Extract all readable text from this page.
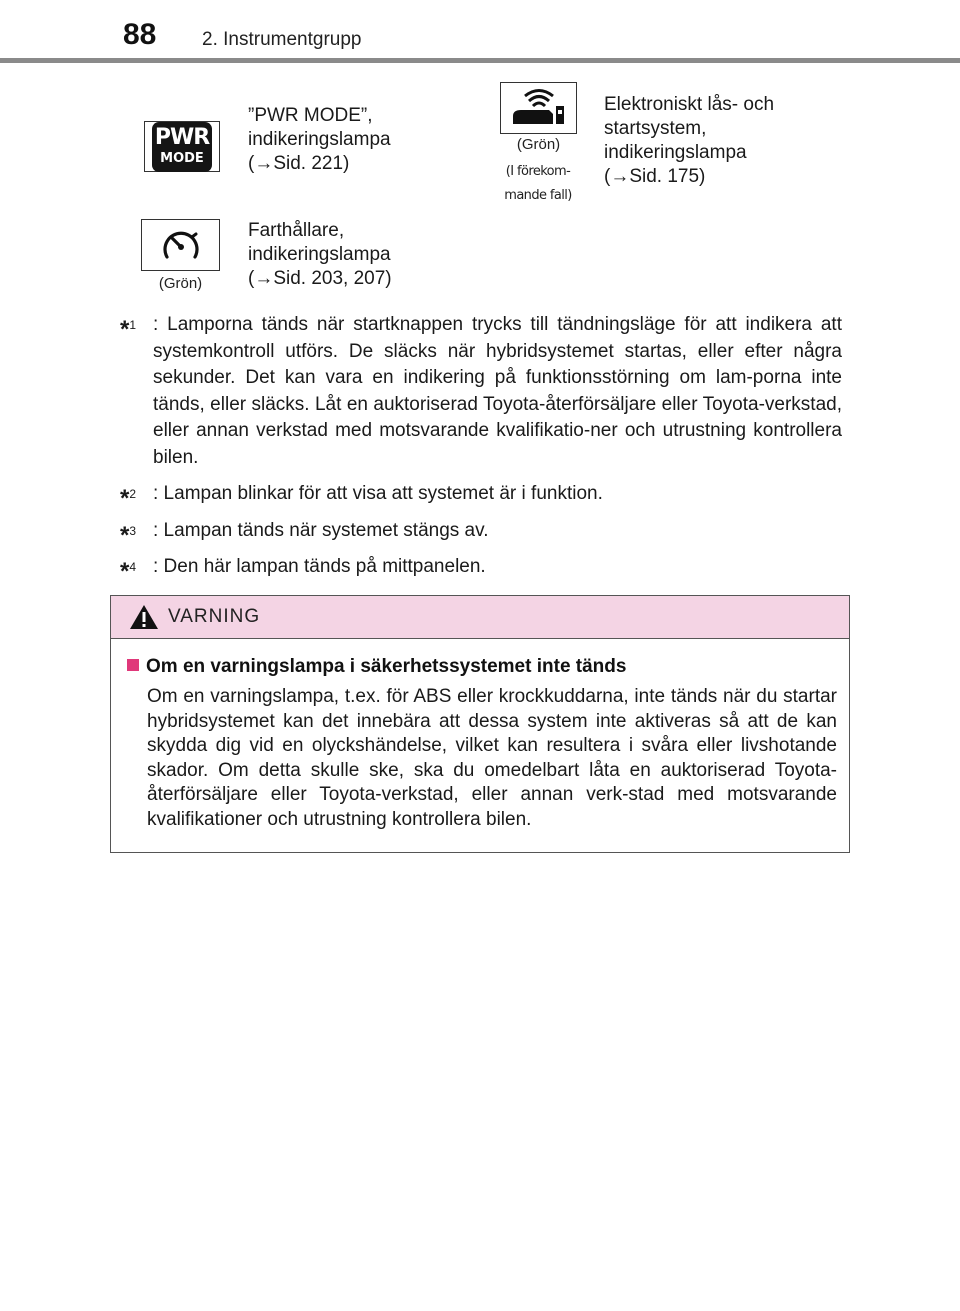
88 2. Instrumentgrupp
PWR
MODE
”PWR MODE”,
indikeringslampa
(→Sid. 221)
(Grön)
(I förekom-
mande fall)
Elektroniskt lås- och
startsystem,
indikeringslampa
(→Sid. 175)
(Grön)
Farthållare,
indikeringslampa
(→Sid. 203, 207)
*$^1$ : Lamporna tänds när startknappen trycks till tändningsläge för att indikera att systemkontroll utförs. De släcks när hybridsystemet startas, eller efter några sekunder. Det kan vara en indikering på funktionsstörning om lam-porna inte tänds, eller släcks. Låt en auktoriserad Toyota-återförsäljare eller Toyota-verkstad, eller annan verkstad med motsvarande kvalifikatio-ner och utrustning kontrollera bilen.
*$^2$ : Lampan blinkar för att visa att systemet är i funktion.
*$^3$ : Lampan tänds när systemet stängs av.
*$^4$ : Den här lampan tänds på mittpanelen.
VARNING
Om en varningslampa i säkerhetssystemet inte tänds
Om en varningslampa, t.ex. för ABS eller krockkuddarna, inte tänds när du startar hybridsystemet kan det innebära att dessa system inte aktiveras så att de kan skydda dig vid en olyckshändelse, vilket kan resultera i svåra eller livshotande skador. Om detta skulle ske, ska du omedelbart låta en auktoriserad Toyota-återförsäljare eller Toyota-verkstad, eller annan verk-stad med motsvarande kvalifikationer och utrustning kontrollera bilen.
